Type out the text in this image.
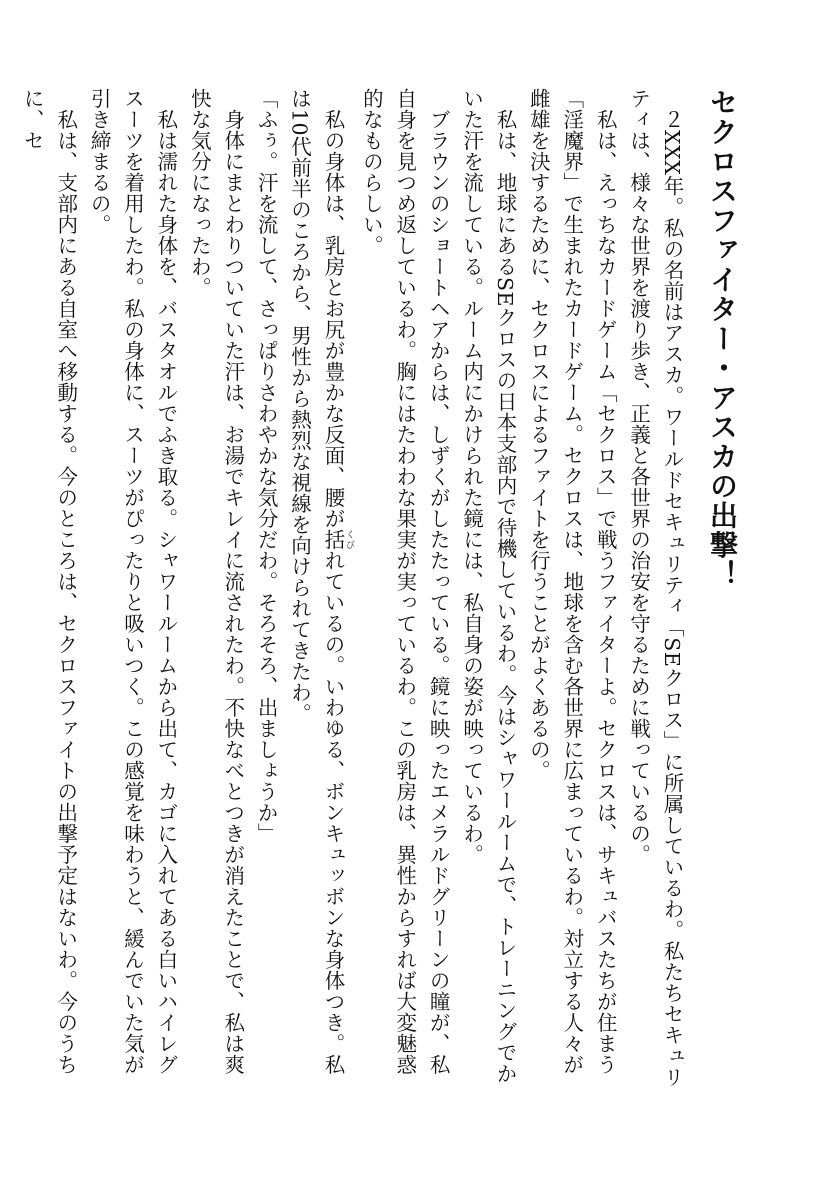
セクロスファイター・アスカの出撃！

２XXX年。私の名前はアスカ。ワールドセキュリティ「SEクロス」に所属しているわ。私たちセキュリティは、様々な世界を渡り歩き、正義と各世界の治安を守るために戦っているの。

私は、えっちなカードゲーム「セクロス」で戦うファイターよ。セクロスは、サキュバスたちが住まう「淫魔界」で生まれたカードゲーム。セクロスは、地球を含む各世界に広まっているわ。対立する人々が雌雄を決するために、セクロスによるファイトを行うことがよくあるの。

私は、地球にあるSEクロスの日本支部内で待機しているわ。今はシャワールームで、トレーニングでかいた汗を流している。ルーム内にかけられた鏡には、私自身の姿が映っているわ。

ブラウンのショートヘアからは、しずくがしたたっている。鏡に映ったエメラルドグリーンの瞳が、私自身を見つめ返しているわ。胸にはたわわな果実が実っているわ。この乳房は、異性からすれば大変魅惑的なものらしい。

私の身体は、乳房とお尻が豊かな反面、腰が括 くびれているの。いわゆる、ボンキュッボンな身体つき。私は10代前半のころから、男性から熱烈な視線を向けられてきたわ。

「ふぅ。汗を流して、さっぱりさわやかな気分だわ。そろそろ、出ましょうか」

身体にまとわりついていた汗は、お湯でキレイに流されたわ。不快なべとつきが消えたことで、私は爽快な気分になったわ。

私は濡れた身体を、バスタオルでふき取る。シャワールームから出て、カゴに入れてある白いハイレグスーツを着用したわ。私の身体に、スーツがぴったりと吸いつく。この感覚を味わうと、緩んでいた気が引き締まるの。

私は、支部内にある自室へ移動する。今のところは、セクロスファイトの出撃予定はないわ。今のうちに、セ
